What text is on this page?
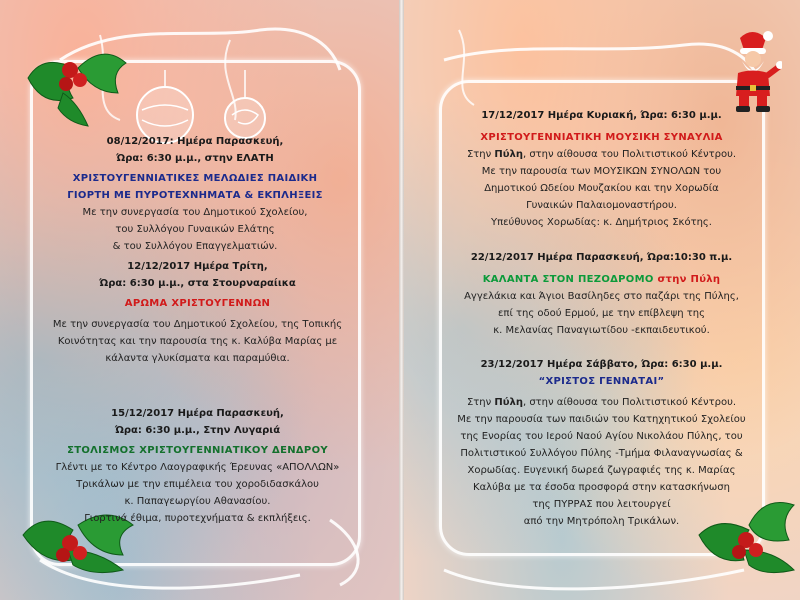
08/12/2017: Ημέρα Παρασκευή,

Ώρα: 6:30 μ.μ., στην ΕΛΑΤΗ

ΧΡΙΣΤΟΥΓΕΝΝΙΑΤΙΚΕΣ ΜΕΛΩΔΙΕΣ ΠΑΙΔΙΚΗ

ΓΙΟΡΤΗ ΜΕ ΠΥΡΟΤΕΧΝΗΜΑΤΑ & ΕΚΠΛΗΞΕΙΣ

Με την συνεργασία του Δημοτικού Σχολείου,

του Συλλόγου Γυναικών Ελάτης

& του Συλλόγου Επαγγελματιών.

12/12/2017 Ημέρα Τρίτη,

Ώρα: 6:30 μ.μ., στα Στουρναραίικα

ΑΡΩΜΑ ΧΡΙΣΤΟΥΓΕΝΝΩΝ

Με την συνεργασία του Δημοτικού Σχολείου, της Τοπικής

Κοινότητας και την παρουσία της κ. Καλύβα Μαρίας με

κάλαντα γλυκίσματα και παραμύθια.

15/12/2017 Ημέρα Παρασκευή,

Ώρα: 6:30 μ.μ., Στην Λυγαριά

ΣΤΟΛΙΣΜΟΣ ΧΡΙΣΤΟΥΓΕΝΝΙΑΤΙΚΟΥ ΔΕΝΔΡΟΥ

Γλέντι με το Κέντρο Λαογραφικής Έρευνας «ΑΠΟΛΛΩΝ»

Τρικάλων με την επιμέλεια του χοροδιδασκάλου

κ. Παπαγεωργίου Αθανασίου.

Γιορτινά έθιμα, πυροτεχνήματα & εκπλήξεις.

17/12/2017 Ημέρα Κυριακή, Ώρα: 6:30 μ.μ.

ΧΡΙΣΤΟΥΓΕΝΝΙΑΤΙΚΗ ΜΟΥΣΙΚΗ ΣΥΝΑΥΛΙΑ

Στην Πύλη, στην αίθουσα του Πολιτιστικού Κέντρου.

Με την παρουσία των ΜΟΥΣΙΚΩΝ ΣΥΝΟΛΩΝ του

Δημοτικού Ωδείου Μουζακίου και την Χορωδία

Γυναικών Παλαιομοναστήρου.

Υπεύθυνος Χορωδίας: κ. Δημήτριος Σκότης.

22/12/2017 Ημέρα Παρασκευή, Ώρα:10:30 π.μ.

ΚΑΛΑΝΤΑ ΣΤΟΝ ΠΕΖΟΔΡΟΜΟ στην Πύλη

Αγγελάκια και Άγιοι Βασίληδες στο παζάρι της Πύλης,

επί της οδού Ερμού, με την επίβλεψη της

κ. Μελανίας Παναγιωτίδου -εκπαιδευτικού.

23/12/2017 Ημέρα Σάββατο, Ώρα: 6:30 μ.μ.

“ΧΡΙΣΤΟΣ ΓΕΝΝΑΤΑΙ”

Στην Πύλη, στην αίθουσα του Πολιτιστικού Κέντρου.

Με την παρουσία των παιδιών του Κατηχητικού Σχολείου

της Ενορίας του Ιερού Ναού Αγίου Νικολάου Πύλης, του

Πολιτιστικού Συλλόγου Πύλης -Τμήμα Φιλαναγνωσίας &

Χορωδίας. Ευγενική δωρεά ζωγραφιές της κ. Μαρίας

Καλύβα με τα έσοδα προσφορά στην κατασκήνωση

της ΠΥΡΡΑΣ που λειτουργεί

από την Μητρόπολη Τρικάλων.
